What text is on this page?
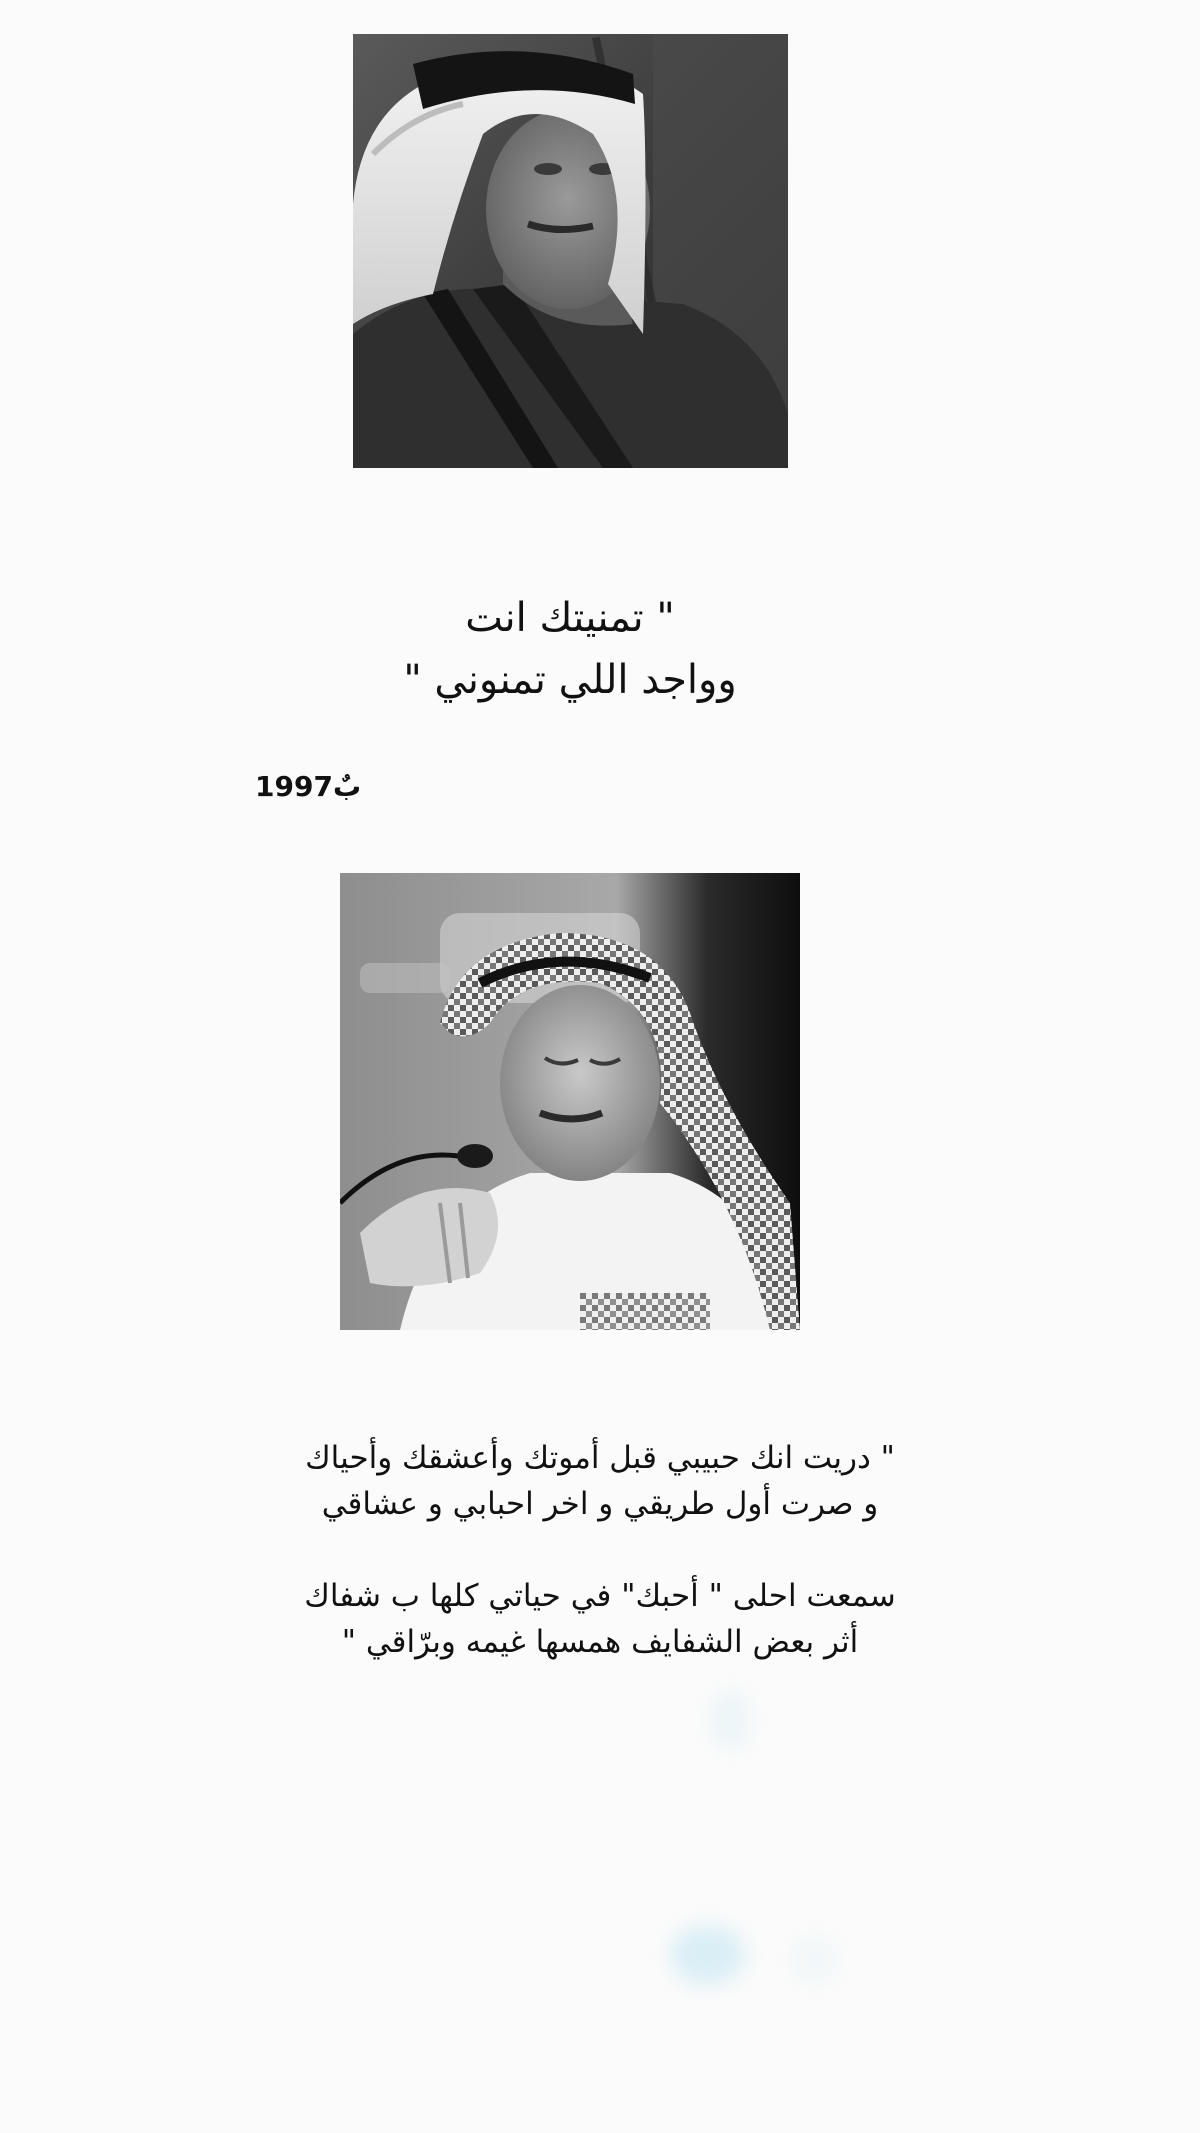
" تمنيتك انت
وواجد اللي تمنوني "
بٌ1997
" دريت انك حبيبي قبل أموتك وأعشقك وأحياك
و صرت أول طريقي و اخر احبابي و عشاقي

سمعت احلى " أحبك" في حياتي كلها ب شفاك
أثر بعض الشفايف همسها غيمه وبرّاقي "
